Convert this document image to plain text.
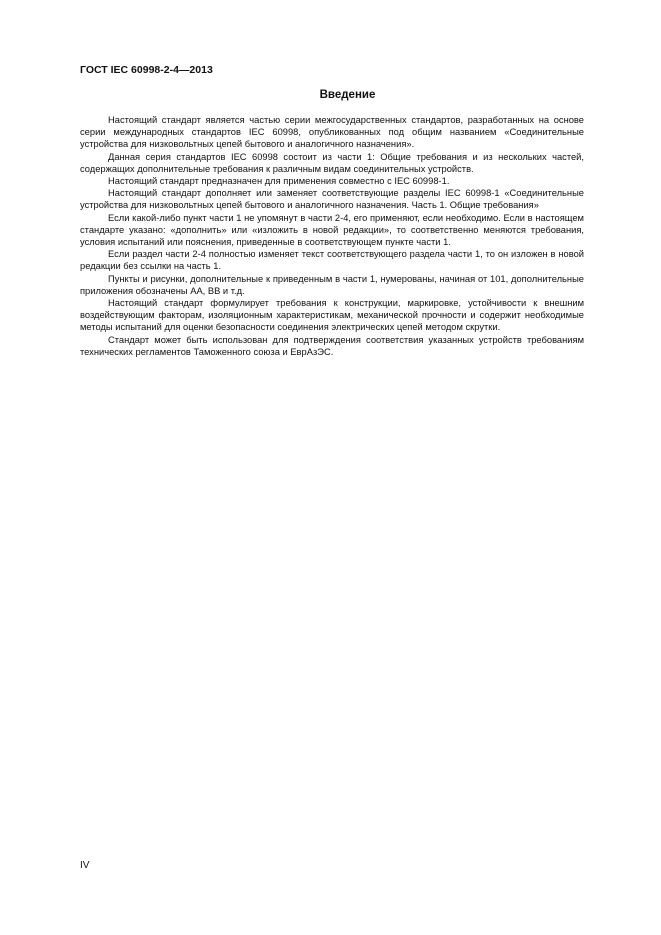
ГОСТ IEC 60998-2-4—2013
Введение

Настоящий стандарт является частью серии межгосударственных стандартов, разработанных на основе серии международных стандартов IEC 60998, опубликованных под общим названием «Соединительные устройства для низковольтных цепей бытового и аналогичного назначения».

Данная серия стандартов IEC 60998 состоит из части 1: Общие требования и из нескольких частей, содержащих дополнительные требования к различным видам соединительных устройств.

Настоящий стандарт предназначен для применения совместно с IEC 60998-1.

Настоящий стандарт дополняет или заменяет соответствующие разделы IEC 60998-1 «Соединительные устройства для низковольтных цепей бытового и аналогичного назначения. Часть 1. Общие требования»

Если какой-либо пункт части 1 не упомянут в части 2-4, его применяют, если необходимо. Если в настоящем стандарте указано: «дополнить» или «изложить в новой редакции», то соответственно меняются требования, условия испытаний или пояснения, приведенные в соответствующем пункте части 1.

Если раздел части 2-4 полностью изменяет текст соответствующего раздела части 1, то он изложен в новой редакции без ссылки на часть 1.

Пункты и рисунки, дополнительные к приведенным в части 1, нумерованы, начиная от 101, дополнительные приложения обозначены АА, ВВ и т.д.

Настоящий стандарт формулирует требования к конструкции, маркировке, устойчивости к внешним воздействующим факторам, изоляционным характеристикам, механической прочности и содержит необходимые методы испытаний для оценки безопасности соединения электрических цепей методом скрутки.

Стандарт может быть использован для подтверждения соответствия указанных устройств требованиям технических регламентов Таможенного союза и ЕврАзЭС.

IV
